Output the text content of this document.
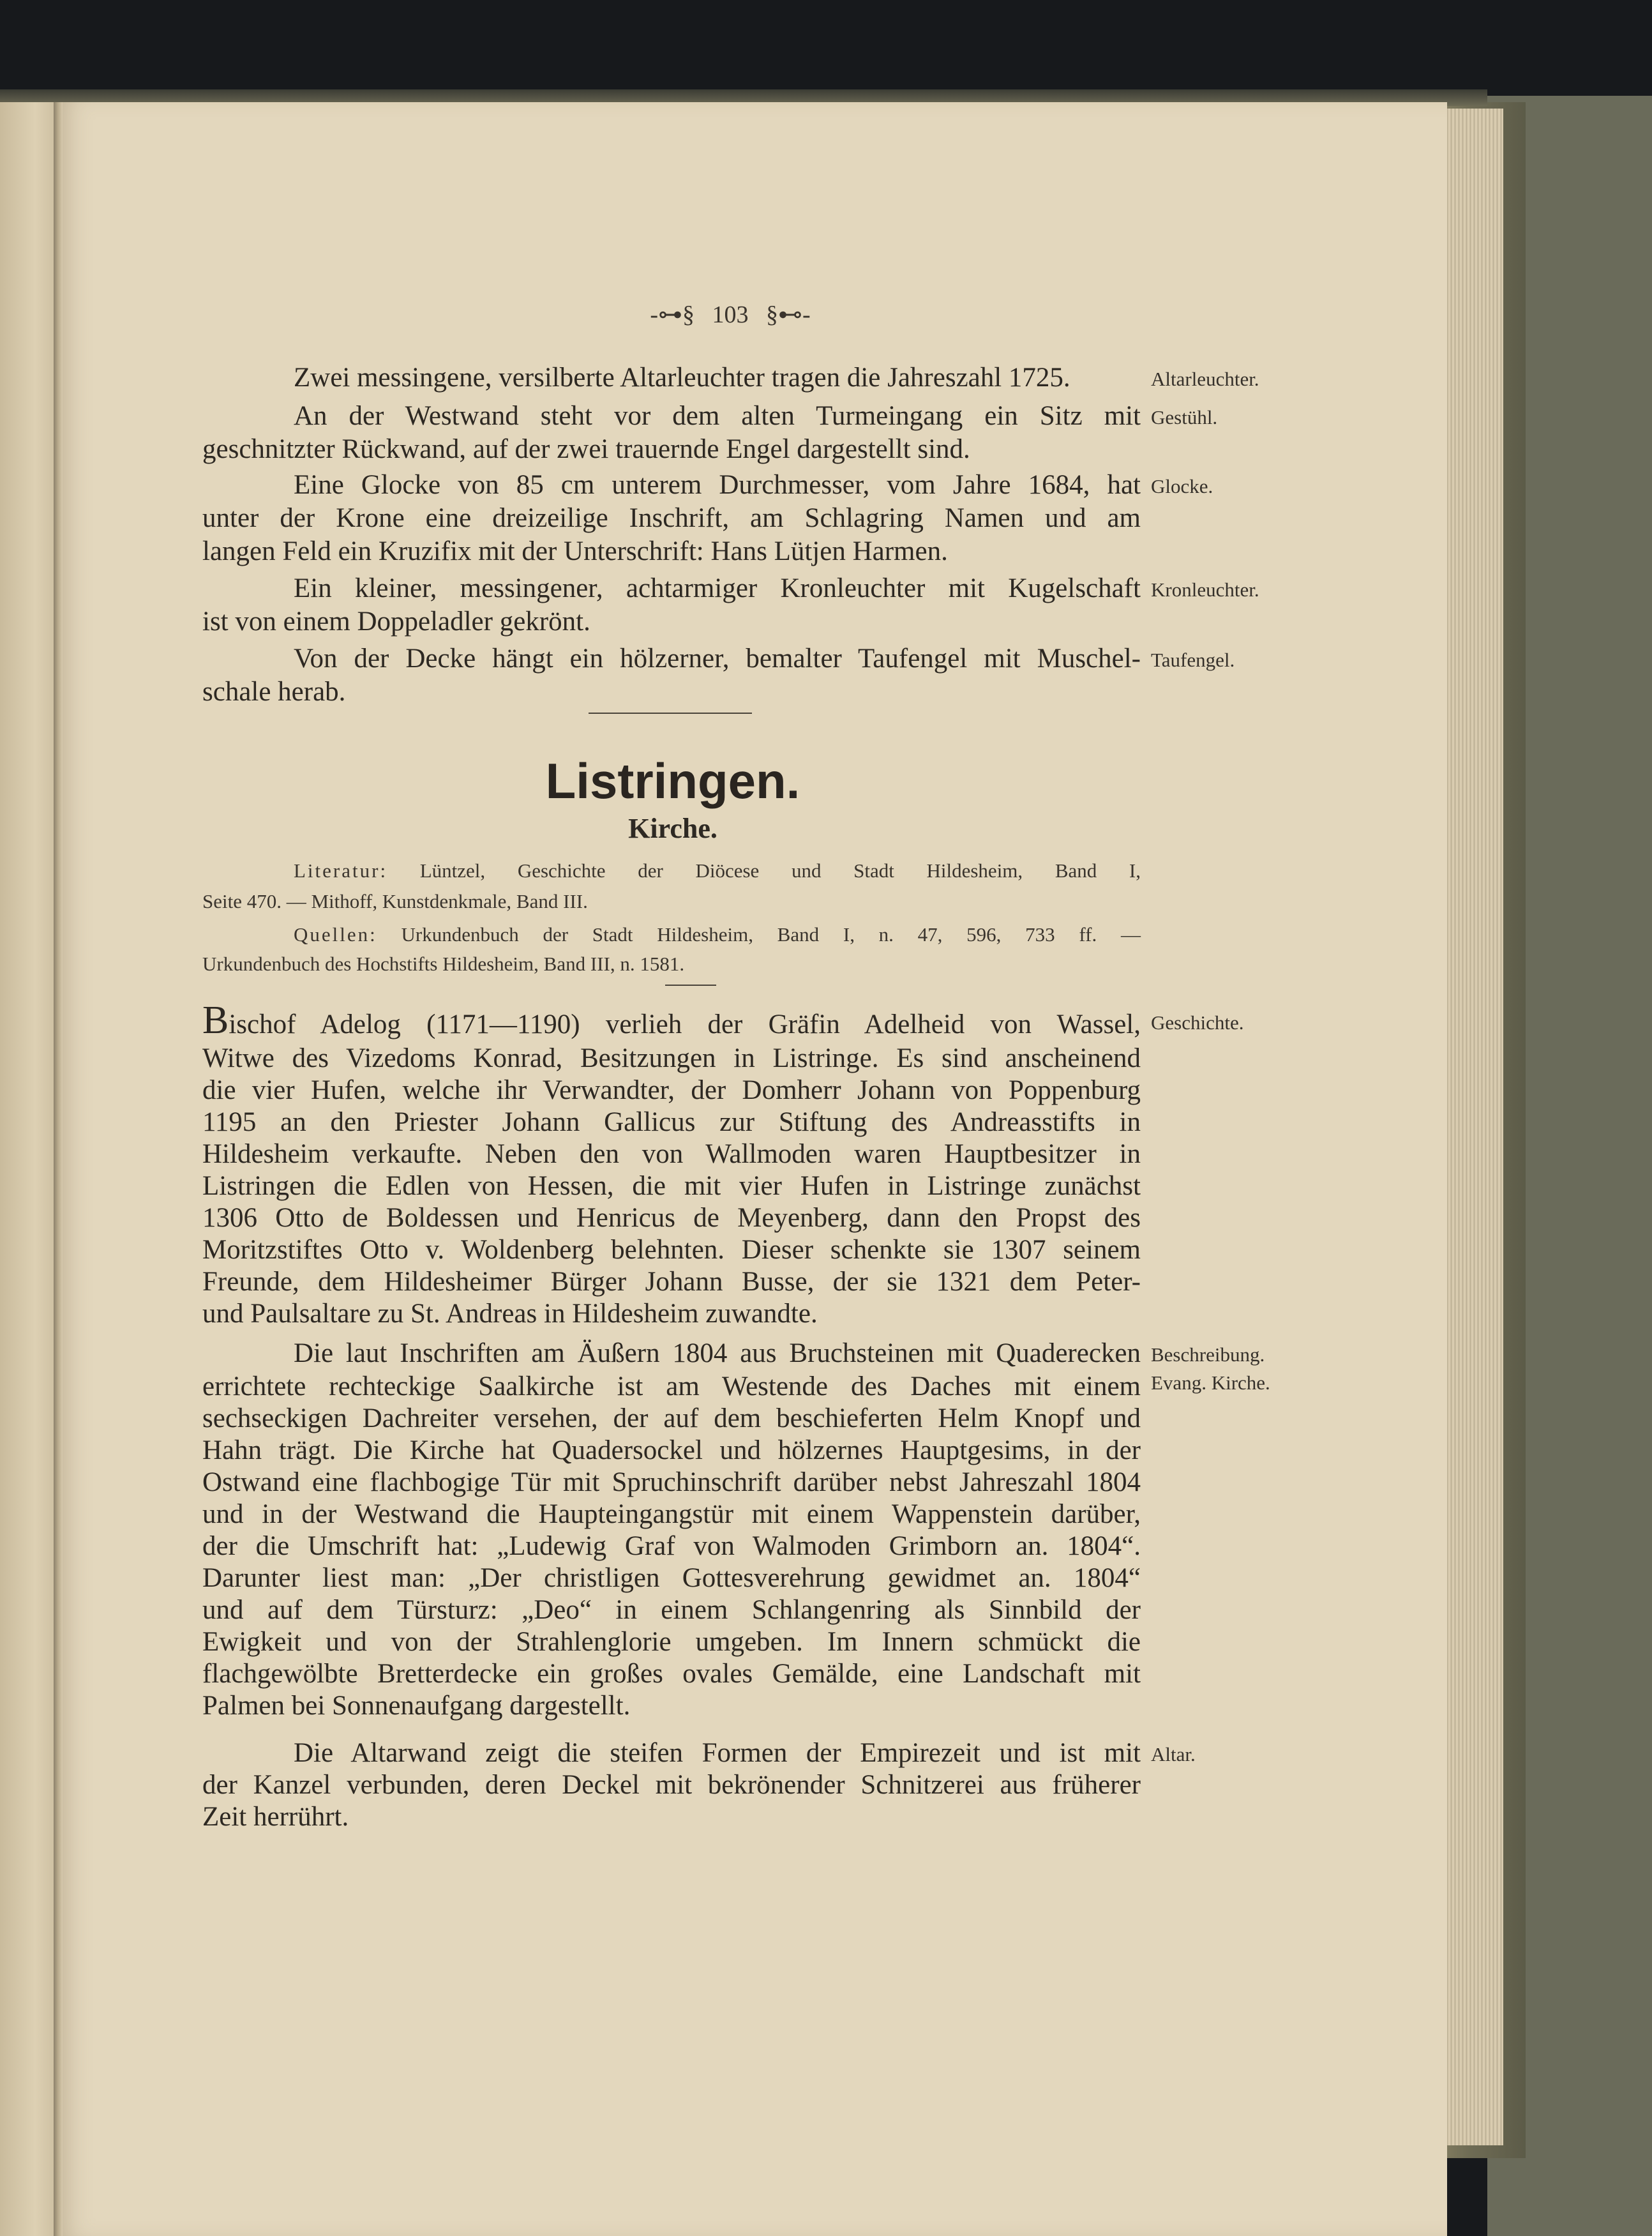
-⊶§ 103 §⊷-
Zwei messingene, versilberte Altarleuchter tragen die Jahreszahl 1725.
An der Westwand steht vor dem alten Turmeingang ein Sitz mit
geschnitzter Rückwand, auf der zwei trauernde Engel dargestellt sind.
Eine Glocke von 85 cm unterem Durchmesser, vom Jahre 1684, hat
unter der Krone eine dreizeilige Inschrift, am Schlagring Namen und am
langen Feld ein Kruzifix mit der Unterschrift: Hans Lütjen Harmen.
Ein kleiner, messingener, achtarmiger Kronleuchter mit Kugelschaft
ist von einem Doppeladler gekrönt.
Von der Decke hängt ein hölzerner, bemalter Taufengel mit Muschel-
schale herab.
Altarleuchter.
Gestühl.
Glocke.
Kronleuchter.
Taufengel.
Listringen.
Kirche.
Literatur: Lüntzel, Geschichte der Diöcese und Stadt Hildesheim, Band I,
Seite 470. — Mithoff, Kunstdenkmale, Band III.
Quellen: Urkundenbuch der Stadt Hildesheim, Band I, n. 47, 596, 733 ff. —
Urkundenbuch des Hochstifts Hildesheim, Band III, n. 1581.
Bischof Adelog (1171—1190) verlieh der Gräfin Adelheid von Wassel,
Witwe des Vizedoms Konrad, Besitzungen in Listringe. Es sind anscheinend
die vier Hufen, welche ihr Verwandter, der Domherr Johann von Poppenburg
1195 an den Priester Johann Gallicus zur Stiftung des Andreasstifts in
Hildesheim verkaufte. Neben den von Wallmoden waren Hauptbesitzer in
Listringen die Edlen von Hessen, die mit vier Hufen in Listringe zunächst
1306 Otto de Boldessen und Henricus de Meyenberg, dann den Propst des
Moritzstiftes Otto v. Woldenberg belehnten. Dieser schenkte sie 1307 seinem
Freunde, dem Hildesheimer Bürger Johann Busse, der sie 1321 dem Peter-
und Paulsaltare zu St. Andreas in Hildesheim zuwandte.
Geschichte.
Die laut Inschriften am Äußern 1804 aus Bruchsteinen mit Quaderecken
errichtete rechteckige Saalkirche ist am Westende des Daches mit einem
sechseckigen Dachreiter versehen, der auf dem beschieferten Helm Knopf und
Hahn trägt. Die Kirche hat Quadersockel und hölzernes Hauptgesims, in der
Ostwand eine flachbogige Tür mit Spruchinschrift darüber nebst Jahreszahl 1804
und in der Westwand die Haupteingangstür mit einem Wappenstein darüber,
der die Umschrift hat: „Ludewig Graf von Walmoden Grimborn an. 1804“.
Darunter liest man: „Der christligen Gottesverehrung gewidmet an. 1804“
und auf dem Türsturz: „Deo“ in einem Schlangenring als Sinnbild der
Ewigkeit und von der Strahlenglorie umgeben. Im Innern schmückt die
flachgewölbte Bretterdecke ein großes ovales Gemälde, eine Landschaft mit
Palmen bei Sonnenaufgang dargestellt.
Beschreibung.
Evang. Kirche.
Die Altarwand zeigt die steifen Formen der Empirezeit und ist mit
der Kanzel verbunden, deren Deckel mit bekrönender Schnitzerei aus früherer
Zeit herrührt.
Altar.
